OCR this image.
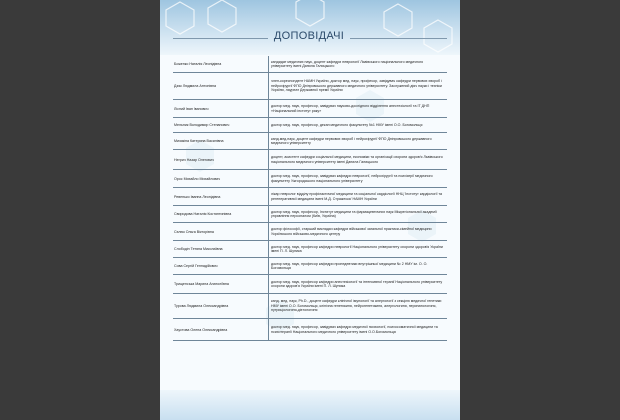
ДОПОВІДАЧІ
Боженко Наталія Леонідівна
кандидат медичних наук, доцент кафедри неврології Львівського національного медичного університету імені Данила Галицького
Дзяк Людмила Антонівна
член-кореспондент НАМН України, доктор мед. наук, професор, завідувач кафедри нервових хвороб і нейрохірургії ФПО Дніпровського державного медичного університету. Заслужений діяч науки і техніки України, лауреат Державної премії України
Лісний Іван Іванович
доктор мед. наук, професор, завідувач науково-дослідного відділення анестезіології та ІТ ДНП «Національний інститут раку»
Мельник Володимир Степанович	доктор мед. наук, професор, декан медичного факультету №1 НМУ імені О.О. Богомольця
Мизякіна Катерина Василівна
канд.мед.наук, доцент кафедри нервових хвороб і нейрохірургії ФПО Дніпровського державного медичного університету
Негрич Назар Олегович
доцент, асистент кафедри соціальної медицини, економіки та організації охорони здоров'я Львівського національного медичного університету імені Данила Галицького
Орос Михайло Михайлович
доктор мед. наук, професор, завідувач кафедри неврології, нейрохірургії та психіатрії медичного факультету Ужгородського національного університету
Ревенько Іванна Леонідівна
лікар невролог відділу профілактичної медицини та соціальної кардіології ННЦ 'Інститут кардіології та регенеративної медицини імені М.Д. Стражеска' НАМН України
Свиридова Наталія Костянтинівна
доктор мед. наук, професор, Інститут медицини та фармацевтичних наук Міжрегіональної академії управління персоналом (Київ, Україна)
Сєлюк Ольга Вікторівна
доктор філософії, старший викладач кафедри військової загальної практики-сімейної медицини Українського військово-медичного центру
Слободін Тетяна Миколаївна
доктор мед. наук, професор кафедри неврології Національного університету охорони здоров'я України імені П. Л. Шупика
Сова Сергій Геннадійович
доктор мед. наук, професор кафедри пропедевтики внутрішньої медицини № 2 НМУ ім. О. О. Богомольця
Трищенська Марина Анатоліївна
доктор мед. наук, професор кафедри анестезіології та інтенсивної терапії Національного університету охорони здоров'я України імені П. Л. Шупика
Турова Людмила Олександрівна
канд. мед. наук, Ph.D., доцент кафедри клінічної імунології та алергології з секцією медичної генетики НМУ імені О.О. Богомольця, клінічна генетикиня, нейрогенетикиня, алергологиня, перинатологиня, нутриціологиня-дієтологиня
Хаустова Олена Олександрівна
доктор мед. наук, професор, завідувач кафедри медичної психології, психосоматичної медицини та психотерапії Національного медичного університету імені О.О.Богомольця
